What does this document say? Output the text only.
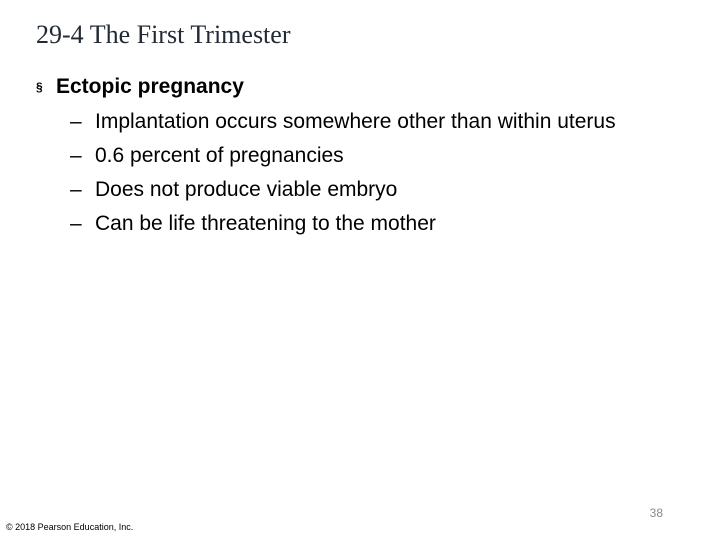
29-4 The First Trimester
§ Ectopic pregnancy
– Implantation occurs somewhere other than within uterus
– 0.6 percent of pregnancies
– Does not produce viable embryo
– Can be life threatening to the mother
38
© 2018 Pearson Education, Inc.
